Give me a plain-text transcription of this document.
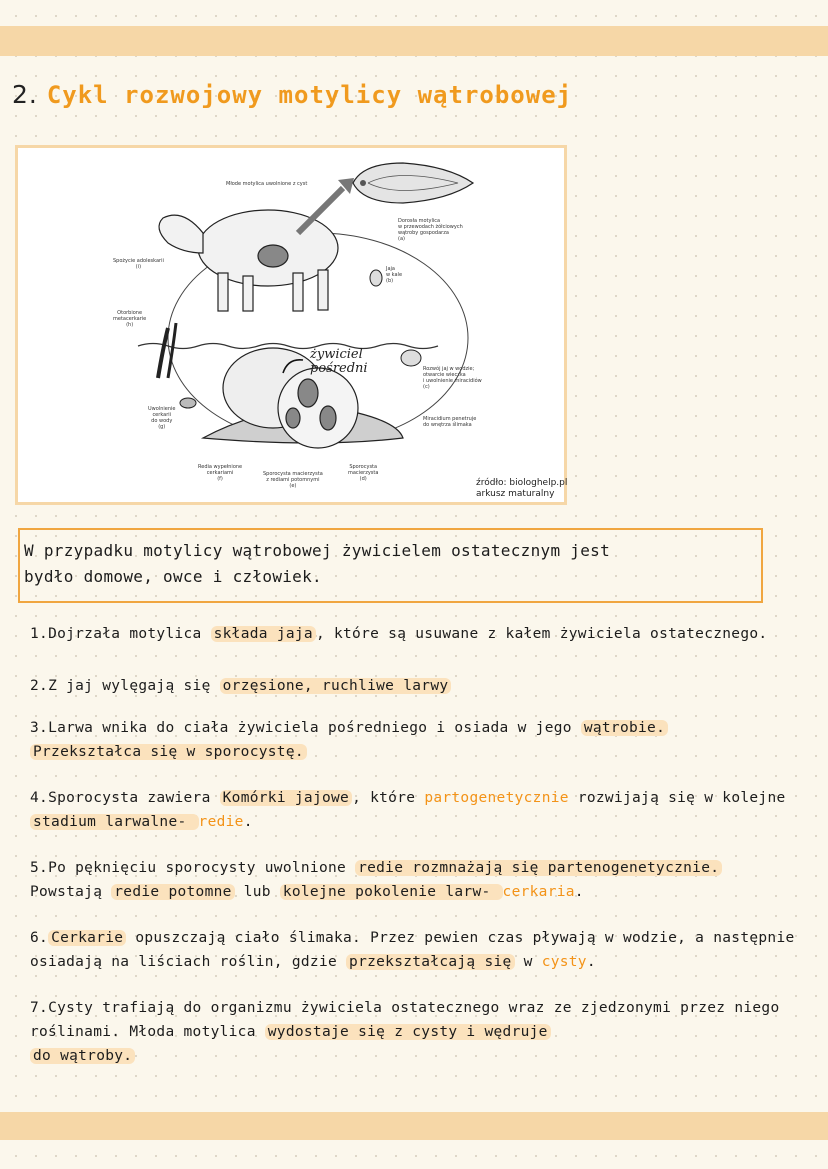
2. Cykl rozwojowy motylicy wątrobowej
Młode motylica uwolnione z cyst
Dorosła motylica
w przewodach żółciowych
wątroby gospodarza
(a)
Jaja
w kale
(b)
Rozwój jaj w wodzie;
otwarcie wieczka
i uwolnienie miracidiów
(c)
Miracidium penetruje
do wnętrza ślimaka
Sporocysta
macierzysta
(d)
Sporocysta macierzysta
z rediami potomnymi
(e)
Redia wypełnione
cerkariami
(f)
Uwolnienie
cerkarii
do wody
(g)
Otorbione
metacerkarie
(h)
Spożycie adoleskarii
(i)
żywiciel
pośredni
źródło: biologhelp.pl
arkusz maturalny
W przypadku motylicy wątrobowej żywicielem ostatecznym jest
bydło domowe, owce i człowiek.
1.Dojrzała motylica składa jaja , które są usuwane z kałem żywiciela ostatecznego.
2.Z jaj wylęgają się orzęsione, ruchliwe larwy
3.Larwa wnika do ciała żywiciela pośredniego i osiada w jego wątrobie.
Przekształca się w sporocystę.
4.Sporocysta zawiera Komórki jajowe , które partogenetycznie rozwijają się w kolejne
stadium larwalne- redie.
5.Po pęknięciu sporocysty uwolnione redie rozmnażają się partenogenetycznie.
Powstają redie potomne lub kolejne pokolenie larw- cerkaria.
6. Cerkarie opuszczają ciało ślimaka. Przez pewien czas pływają w wodzie, a następnie osiadają na liściach roślin, gdzie przekształcają się w cysty.
7.Cysty trafiają do organizmu żywiciela ostatecznego wraz ze zjedzonymi przez niego roślinami. Młoda motylica wydostaje się z cysty i wędruje
do wątroby.
